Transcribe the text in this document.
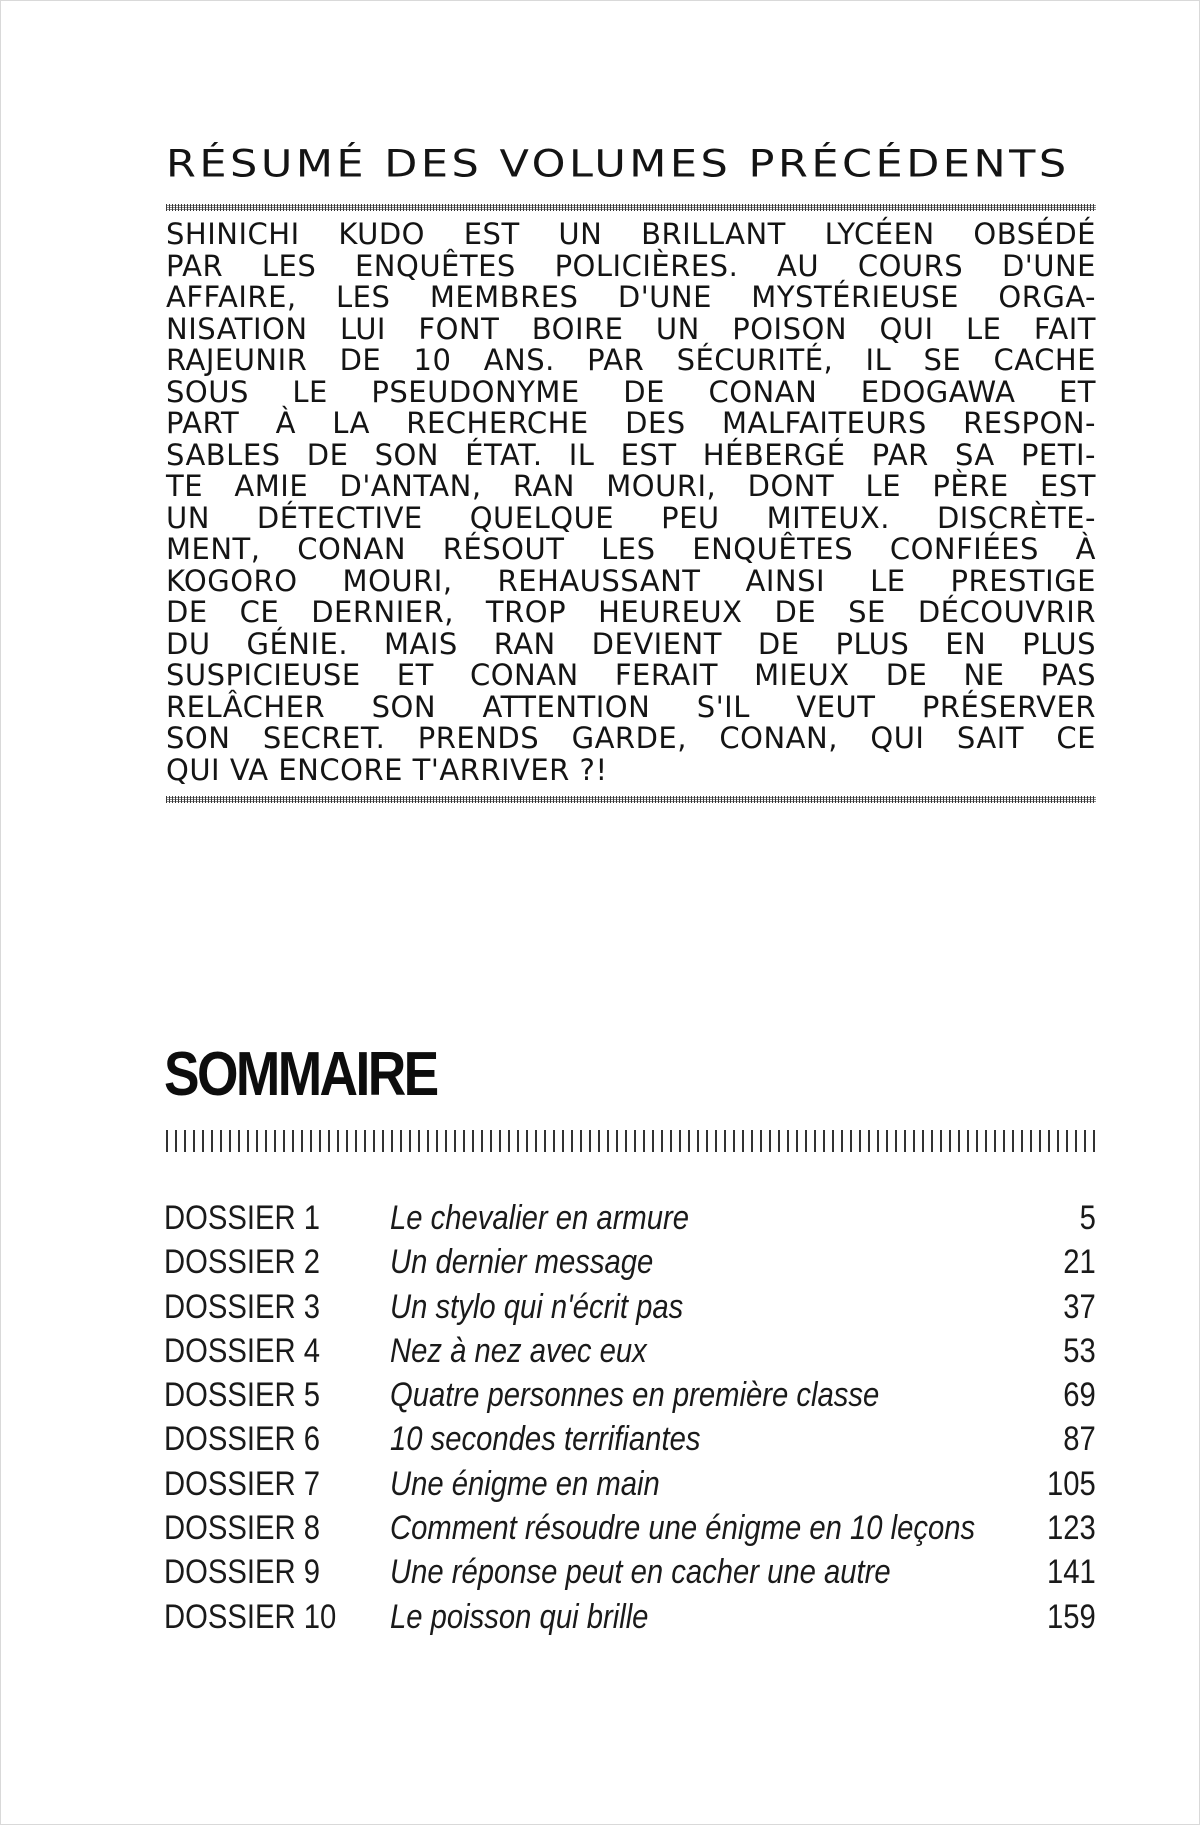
RÉSUMÉ DES VOLUMES PRÉCÉDENTS
SHINICHI KUDO EST UN BRILLANT LYCÉEN OBSÉDÉ
PAR LES ENQUÊTES POLICIÈRES. AU COURS D'UNE
AFFAIRE, LES MEMBRES D'UNE MYSTÉRIEUSE ORGA-
NISATION LUI FONT BOIRE UN POISON QUI LE FAIT
RAJEUNIR DE 10 ANS. PAR SÉCURITÉ, IL SE CACHE
SOUS LE PSEUDONYME DE CONAN EDOGAWA ET
PART À LA RECHERCHE DES MALFAITEURS RESPON-
SABLES DE SON ÉTAT. IL EST HÉBERGÉ PAR SA PETI-
TE AMIE D'ANTAN, RAN MOURI, DONT LE PÈRE EST
UN DÉTECTIVE QUELQUE PEU MITEUX. DISCRÈTE-
MENT, CONAN RÉSOUT LES ENQUÊTES CONFIÉES À
KOGORO MOURI, REHAUSSANT AINSI LE PRESTIGE
DE CE DERNIER, TROP HEUREUX DE SE DÉCOUVRIR
DU GÉNIE. MAIS RAN DEVIENT DE PLUS EN PLUS
SUSPICIEUSE ET CONAN FERAIT MIEUX DE NE PAS
RELÂCHER SON ATTENTION S'IL VEUT PRÉSERVER
SON SECRET. PRENDS GARDE, CONAN, QUI SAIT CE
QUI VA ENCORE T'ARRIVER ?!
SOMMAIRE
DOSSIER 1 Le chevalier en armure	5
DOSSIER 2 Un dernier message	21
DOSSIER 3 Un stylo qui n'écrit pas	37
DOSSIER 4 Nez à nez avec eux	53
DOSSIER 5 Quatre personnes en première classe	69
DOSSIER 6 10 secondes terrifiantes	87
DOSSIER 7 Une énigme en main	105
DOSSIER 8 Comment résoudre une énigme en 10 leçons 123
DOSSIER 9 Une réponse peut en cacher une autre	141
DOSSIER 10 Le poisson qui brille	159
